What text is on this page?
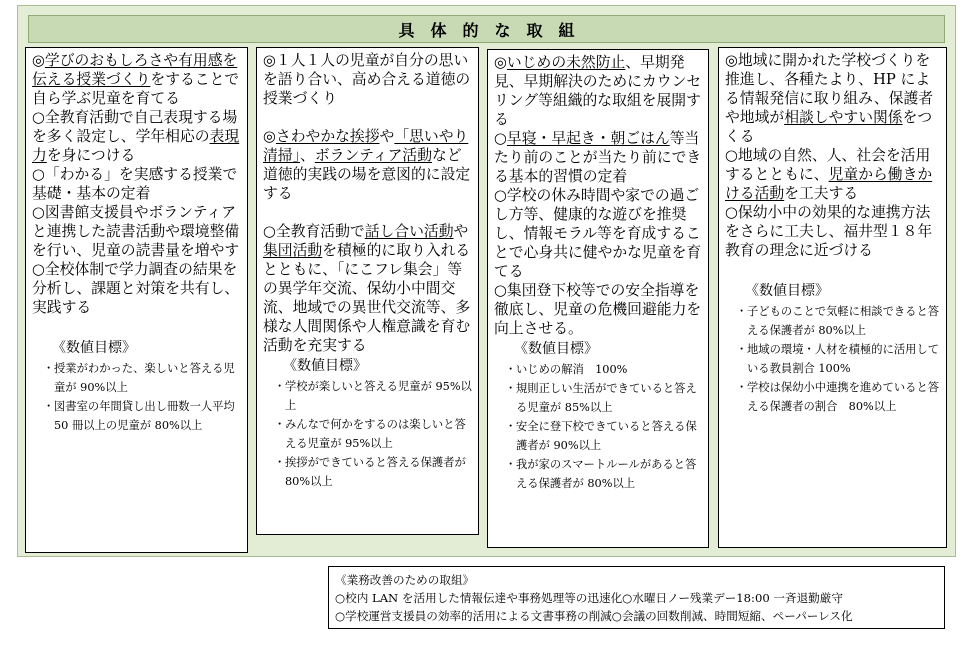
具体的な取組

◎学びのおもしろさや有用感を伝える授業づくりをすることで自ら学ぶ児童を育てる

○全教育活動で自己表現する場を多く設定し、学年相応の表現力を身につける

○「わかる」を実感する授業で基礎・基本の定着

○図書館支援員やボランティアと連携した読書活動や環境整備を行い、児童の読書量を増やす

○全校体制で学力調査の結果を分析し、課題と対策を共有し、実践する

《数値目標》
・ 授業がわかった、楽しいと答える児童が 90%以上
・ 図書室の年間貸し出し冊数一人平均 50 冊以上の児童が 80%以上

◎１人１人の児童が自分の思いを語り合い、高め合える道徳の授業づくり

◎さわやかな挨拶や「思いやり清掃」、ボランティア活動など道徳的実践の場を意図的に設定する

○全教育活動で話し合い活動や集団活動を積極的に取り入れるとともに、「にこフレ集会」等の異学年交流、保幼小中間交流、地域での異世代交流等、多様な人間関係や人権意識を育む活動を充実する

《数値目標》
・ 学校が楽しいと答える児童が 95%以上
・ みんなで何かをするのは楽しいと答える児童が 95%以上
・ 挨拶ができていると答える保護者が 80%以上

◎いじめの未然防止、早期発見、早期解決のためにカウンセリング等組織的な取組を展開する

○早寝・早起き・朝ごはん等当たり前のことが当たり前にできる基本的習慣の定着

○学校の休み時間や家での過ごし方等、健康的な遊びを推奨し、情報モラル等を育成することで心身共に健やかな児童を育てる

○集団登下校等での安全指導を徹底し、児童の危機回避能力を向上させる。

《数値目標》
・ いじめの解消　100%
・ 規則正しい生活ができていると答える児童が 85%以上
・ 安全に登下校できていると答える保護者が 90%以上
・ 我が家のスマートルールがあると答える保護者が 80%以上

◎地域に開かれた学校づくりを推進し、各種たより、HP による情報発信に取り組み、保護者や地域が相談しやすい関係をつくる

○地域の自然、人、社会を活用するとともに、児童から働きかける活動を工夫する

○保幼小中の効果的な連携方法をさらに工夫し、福井型１８年教育の理念に近づける

《数値目標》
・ 子どものことで気軽に相談できると答える保護者が 80%以上
・ 地域の環境・人材を積極的に活用している教員割合 100%
・ 学校は保幼小中連携を進めていると答える保護者の割合　80%以上

《業務改善のための取組》

○校内 LAN を活用した情報伝達や事務処理等の迅速化○水曜日ノー残業デー18:00 一斉退勤厳守

○学校運営支援員の効率的活用による文書事務の削減○会議の回数削減、時間短縮、ペーパーレス化
